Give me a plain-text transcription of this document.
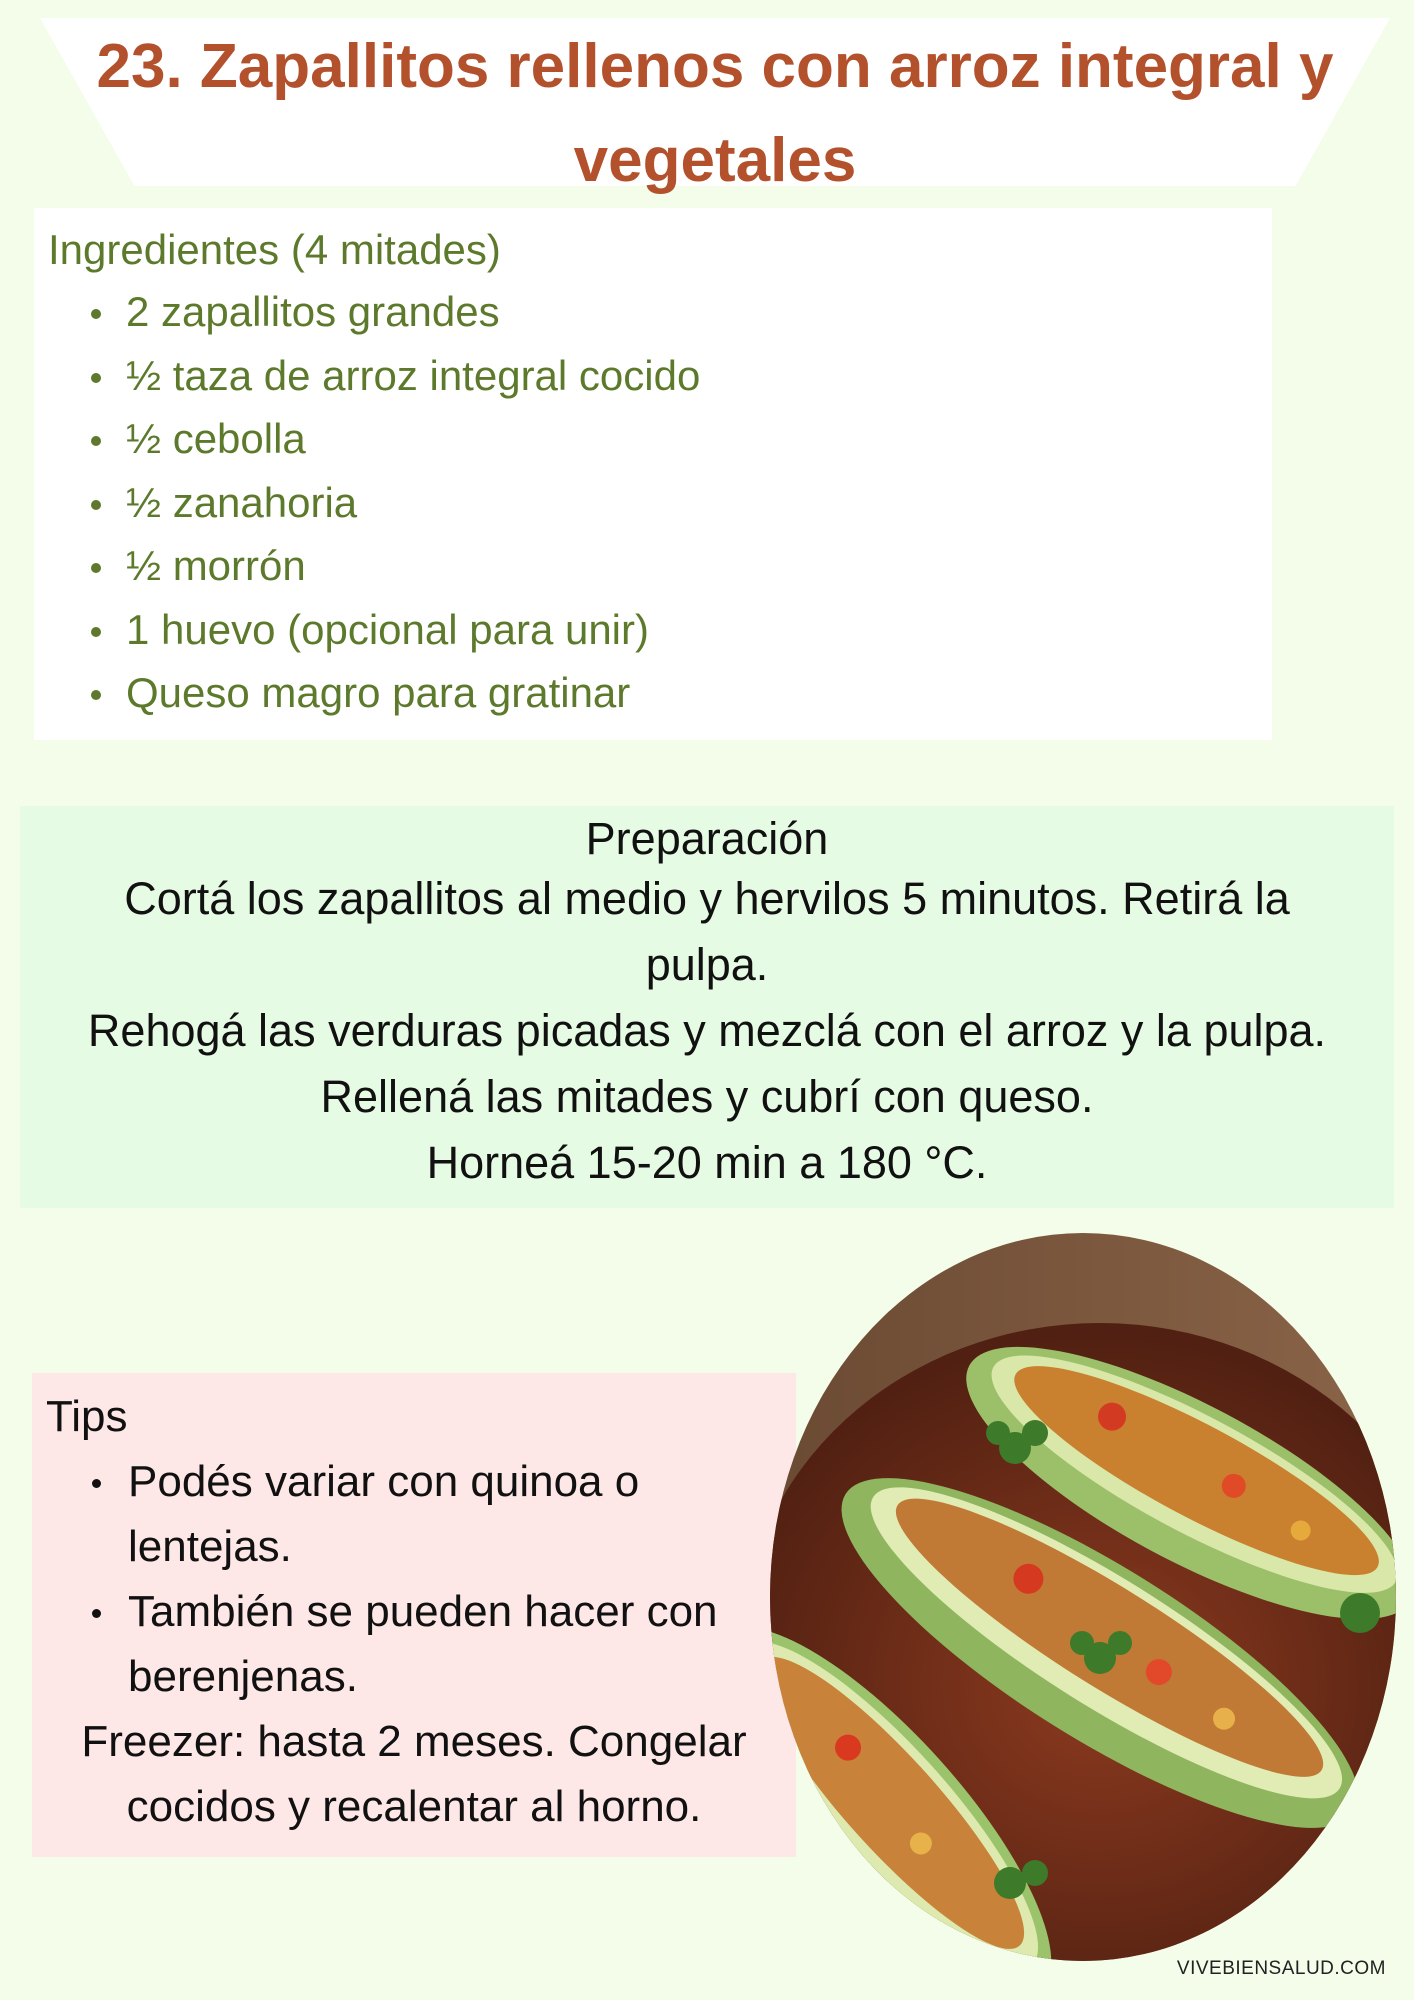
23. Zapallitos rellenos con arroz integral y vegetales

Ingredientes (4 mitades)

2 zapallitos grandes
½ taza de arroz integral cocido
½ cebolla
½ zanahoria
½ morrón
1 huevo (opcional para unir)
Queso magro para gratinar

Preparación

Cortá los zapallitos al medio y hervilos 5 minutos. Retirá la

pulpa.

Rehogá las verduras picadas y mezclá con el arroz y la pulpa.

Rellená las mitades y cubrí con queso.

Horneá 15-20 min a 180 °C.

Tips

Podés variar con quinoa o lentejas.
También se pueden hacer con berenjenas.

Freezer: hasta 2 meses. Congelar cocidos y recalentar al horno.

VIVEBIENSALUD.COM
